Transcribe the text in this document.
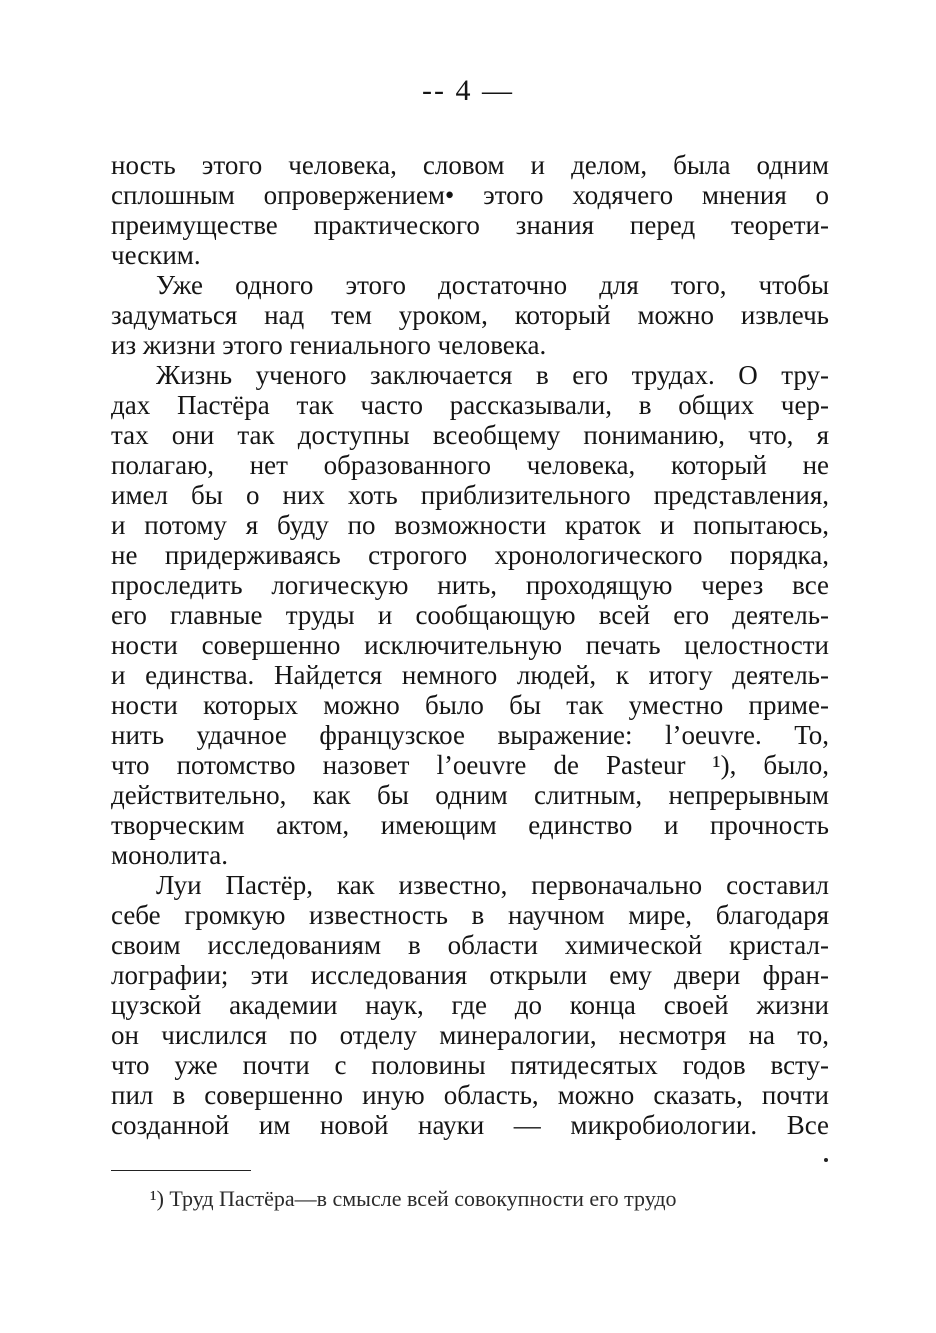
-- 4 —
ность этого человека, словом и делом, была одним
сплошным опровержением• этого ходячего мнения о
преимуществе практического знания перед теорети-
ческим.
Уже одного этого достаточно для того, чтобы
задуматься над тем уроком, который можно извлечь
из жизни этого гениального человека.
Жизнь ученого заключается в его трудах. О тру-
дах Пастёра так часто рассказывали, в общих чер-
тах они так доступны всеобщему пониманию, что, я
полагаю, нет образованного человека, который не
имел бы о них хоть приблизительного представления,
и потому я буду по возможности краток и попытаюсь,
не придерживаясь строгого хронологического порядка,
проследить логическую нить, проходящую через все
его главные труды и сообщающую всей его деятель-
ности совершенно исключительную печать целостности
и единства. Найдется немного людей, к итогу деятель-
ности которых можно было бы так уместно приме-
нить удачное французское выражение: l’oeuvre. То,
что потомство назовет l’oeuvre de Pasteur ¹), было,
действительно, как бы одним слитным, непрерывным
творческим актом, имеющим единство и прочность
монолита.
Луи Пастёр, как известно, первоначально составил
себе громкую известность в научном мире, благодаря
своим исследованиям в области химической кристал-
лографии; эти исследования открыли ему двери фран-
цузской академии наук, где до конца своей жизни
он числился по отделу минералогии, несмотря на то,
что уже почти с половины пятидесятых годов всту-
пил в совершенно иную область, можно сказать, почти
созданной им новой науки — микробиологии. Все
¹) Труд Пастёра—в смысле всей совокупности его трудо
